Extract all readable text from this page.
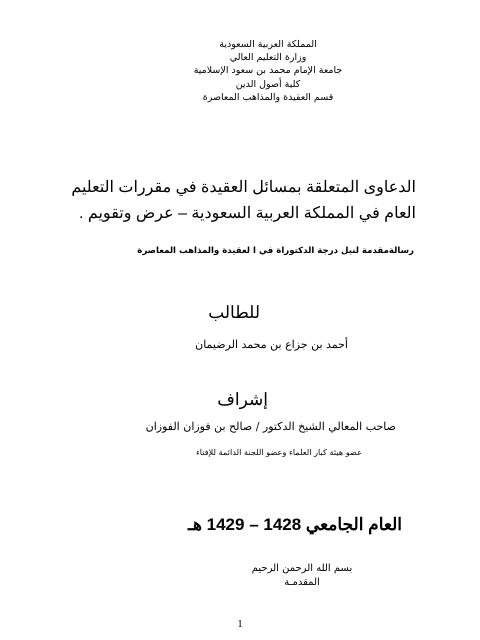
المملكة العربية السعودية
وزارة التعليم العالي
جامعة الإمام محمد بن سعود الإسلامية
كلية أصول الدين
قسم العقيدة والمذاهب المعاصرة
الدعاوى المتعلقة بمسائل العقيدة في مقررات التعليم
العام في المملكة العربية السعودية – عرض وتقويم .
رسالةمقدمة لنيل درجة الدكتوراة في ا لعقيدة والمذاهب المعاصرة
للطالب
أحمد بن جزاع بن محمد الرضيمان
إشراف
صاحب المعالي الشيخ الدكتور / صالح بن فوزان الفوزان
عضو هيئة كبار العلماء وعضو اللجنة الدائمة للإفتاء
العام الجامعي 1428 – 1429 هـ
بسم الله الرحمن الرحيم
المقدمـة
1
